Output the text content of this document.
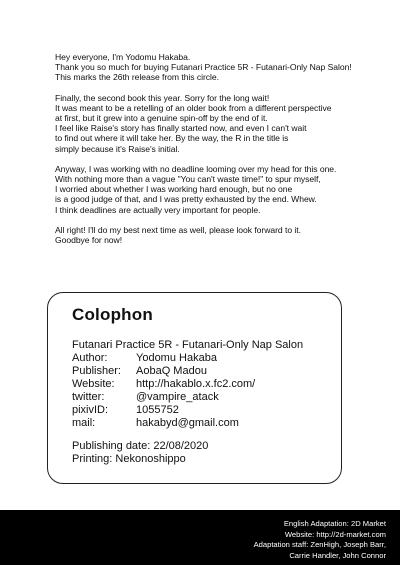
Hey everyone, I'm Yodomu Hakaba.
Thank you so much for buying Futanari Practice 5R - Futanari-Only Nap Salon!
This marks the 26th release from this circle.

Finally, the second book this year. Sorry for the long wait!
It was meant to be a retelling of an older book from a different perspective
at first, but it grew into a genuine spin-off by the end of it.
I feel like Raise's story has finally started now, and even I can't wait
to find out where it will take her. By the way, the R in the title is
simply because it's Raise's initial.

Anyway, I was working with no deadline looming over my head for this one.
With nothing more than a vague "You can't waste time!" to spur myself,
I worried about whether I was working hard enough, but no one
is a good judge of that, and I was pretty exhausted by the end. Whew.
I think deadlines are actually very important for people.

All right! I'll do my best next time as well, please look forward to it.
Goodbye for now!

Colophon
Futanari Practice 5R - Futanari-Only Nap Salon
Author:	Yodomu Hakaba
Publisher: AobaQ Madou
Website: http://hakablo.x.fc2.com/
twitter:	@vampire_atack
pixivID:	1055752
mail:	hakabyd@gmail.com
Publishing date: 22/08/2020
Printing: Nekonoshippo
English Adaptation: 2D Market
Website: http://2d-market.com
Adaptation staff: ZenHigh, Joseph Barr,
Carrie Handler, John Connor
